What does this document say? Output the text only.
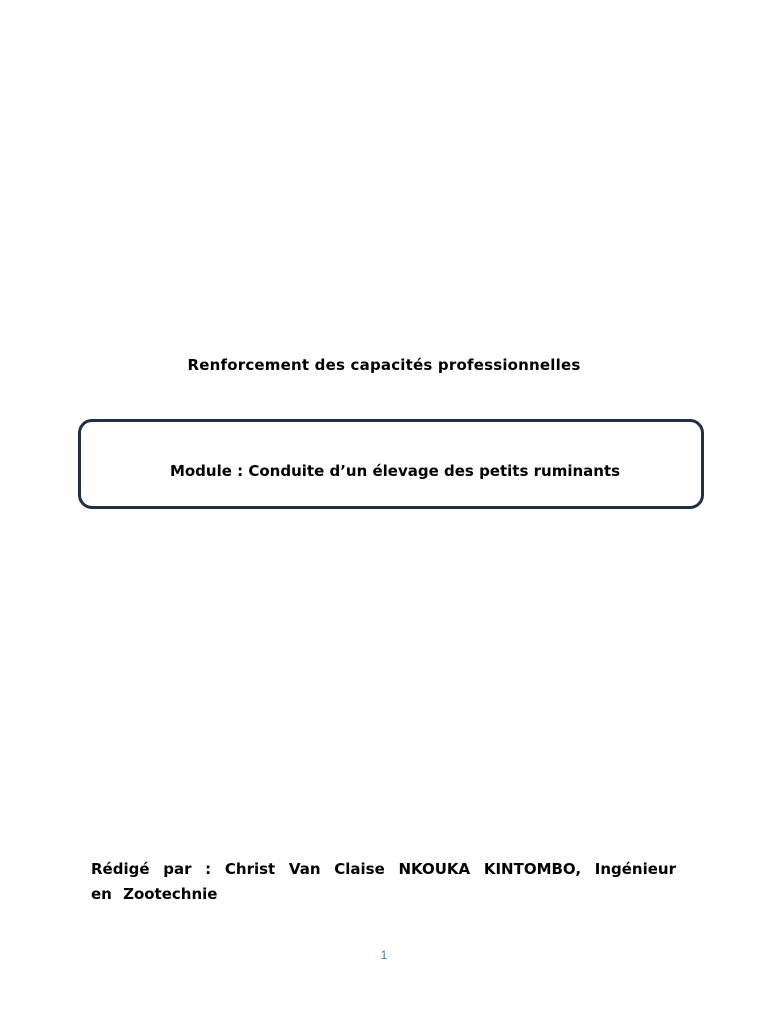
Renforcement des capacités professionnelles
Module : Conduite d’un élevage des petits ruminants
Rédigé par : Christ Van Claise NKOUKA KINTOMBO, Ingénieur en Zootechnie
1
